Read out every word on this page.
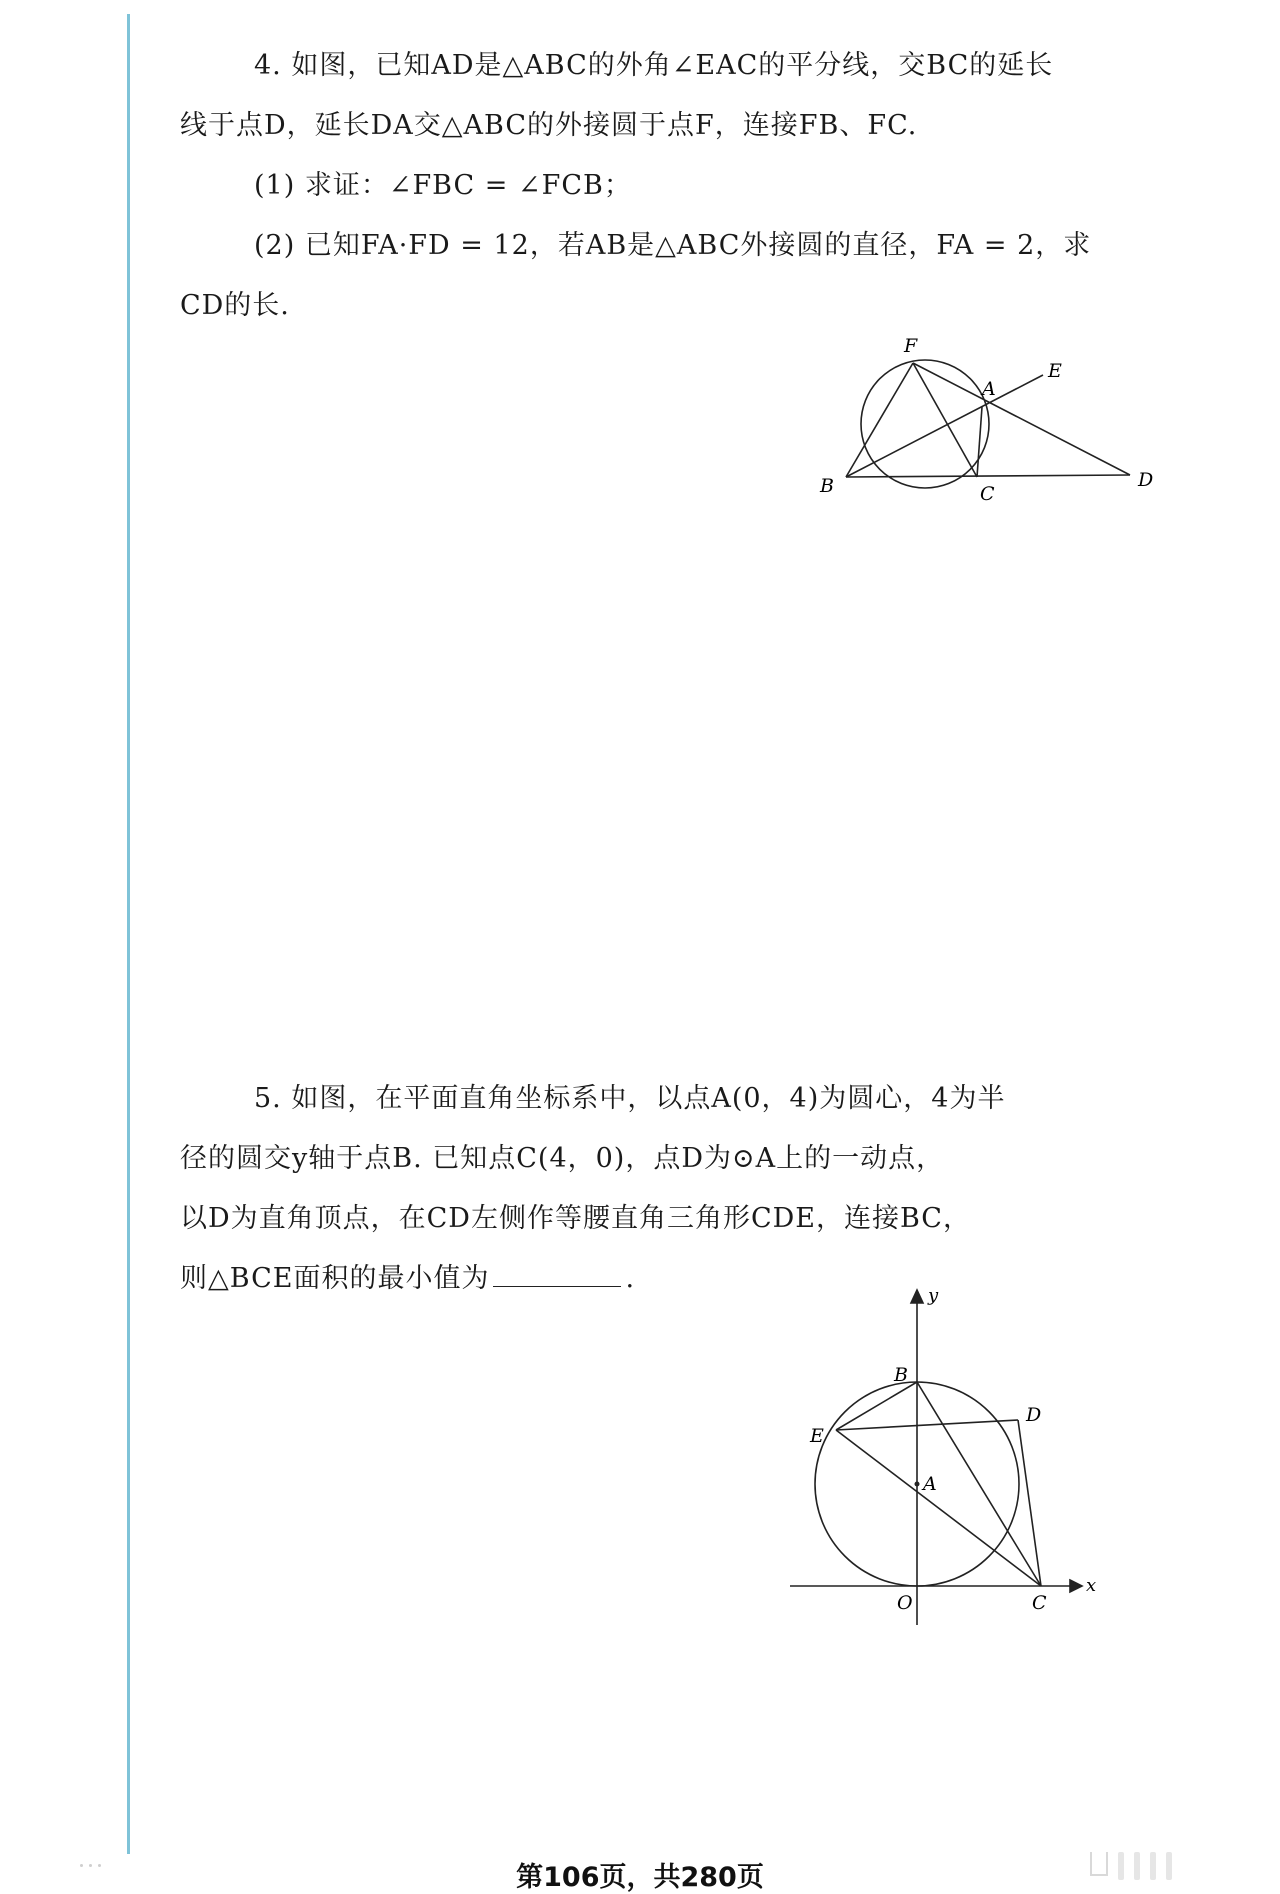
4. 如图，已知AD是△ABC的外角∠EAC的平分线，交BC的延长

线于点D，延长DA交△ABC的外接圆于点F，连接FB、FC.

(1) 求证：∠FBC = ∠FCB；

(2) 已知FA·FD = 12，若AB是△ABC外接圆的直径，FA = 2，求

CD的长.

F
A
E
B	C
D

5. 如图，在平面直角坐标系中，以点A(0，4)为圆心，4为半

径的圆交y轴于点B. 已知点C(4，0)，点D为⊙A上的一动点，

以D为直角顶点，在CD左侧作等腰直角三角形CDE，连接BC，

则△BCE面积的最小值为	.

y
x
B
D
E
A
O	C
第106页，共280页
